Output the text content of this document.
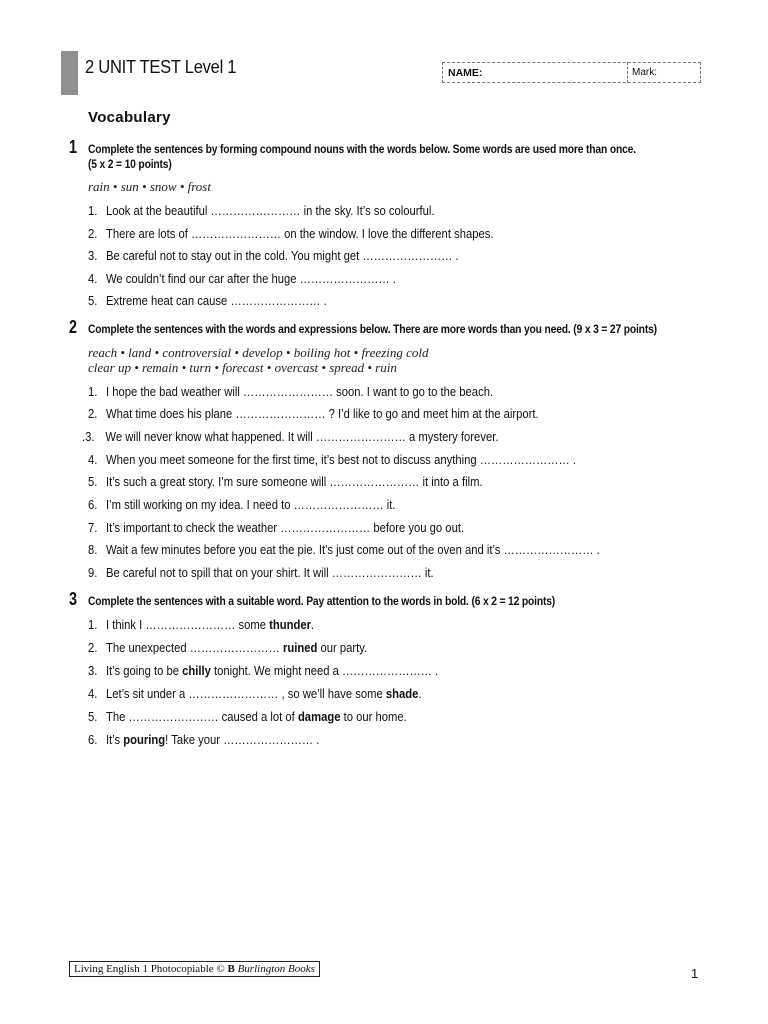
2 UNIT TEST Level 1	NAME:	Mark:
Vocabulary
1 Complete the sentences by forming compound nouns with the words below. Some words are used more than once.
(5 x 2 = 10 points)
rain • sun • snow • frost
1. Look at the beautiful …………………… in the sky. It’s so colourful.
2. There are lots of …………………… on the window. I love the different shapes.
3. Be careful not to stay out in the cold. You might get …………………… .
4. We couldn’t find our car after the huge …………………… .
5. Extreme heat can cause …………………… .
2 Complete the sentences with the words and expressions below. There are more words than you need. (9 x 3 = 27 points)
reach • land • controversial • develop • boiling hot • freezing cold
clear up • remain • turn • forecast • overcast • spread • ruin
1. I hope the bad weather will …………………… soon. I want to go to the beach.
2. What time does his plane …………………… ? I’d like to go and meet him at the airport.
.3. We will never know what happened. It will …………………… a mystery forever.
4. When you meet someone for the first time, it’s best not to discuss anything …………………… .
5. It’s such a great story. I’m sure someone will …………………… it into a film.
6. I’m still working on my idea. I need to …………………… it.
7. It’s important to check the weather …………………… before you go out.
8. Wait a few minutes before you eat the pie. It’s just come out of the oven and it’s …………………… .
9. Be careful not to spill that on your shirt. It will …………………… it.
3 Complete the sentences with a suitable word. Pay attention to the words in bold. (6 x 2 = 12 points)
1. I think I …………………… some thunder.
2. The unexpected …………………… ruined our party.
3. It’s going to be chilly tonight. We might need a …………………… .
4. Let’s sit under a …………………… , so we’ll have some shade.
5. The …………………… caused a lot of damage to our home.
6. It’s pouring! Take your …………………… .
Living English 1 Photocopiable © B Burlington Books	1
